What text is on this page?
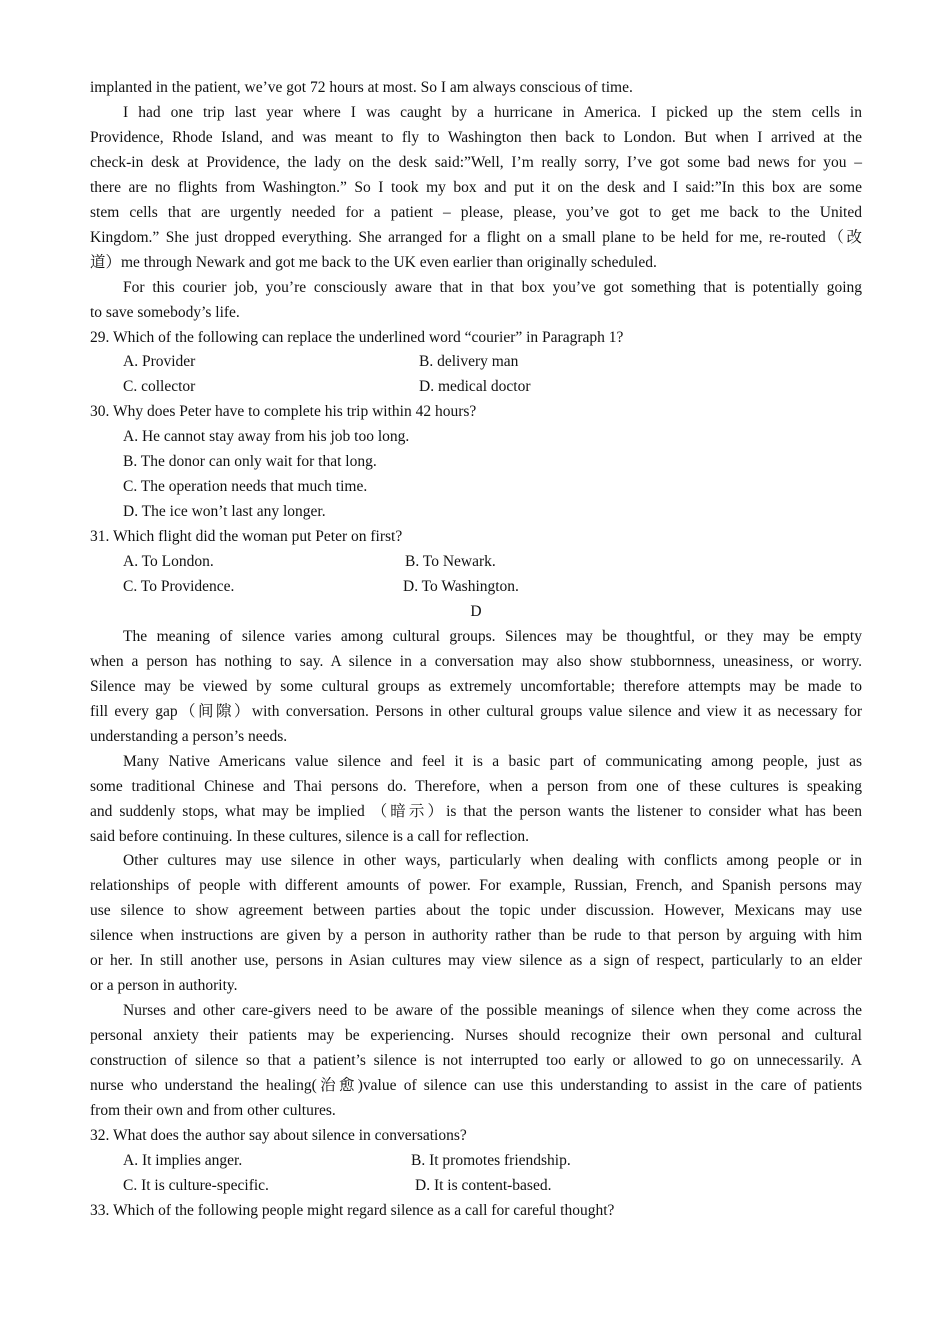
implanted in the patient, we’ve got 72 hours at most. So I am always conscious of time.

I had one trip last year where I was caught by a hurricane in America. I picked up the stem cells in

Providence, Rhode Island, and was meant to fly to Washington then back to London. But when I arrived at the

check-in desk at Providence, the lady on the desk said:”Well, I’m really sorry, I’ve got some bad news for you –

there are no flights from Washington.” So I took my box and put it on the desk and I said:”In this box are some

stem cells that are urgently needed for a patient – please, please, you’ve got to get me back to the United

Kingdom.” She just dropped everything. She arranged for a flight on a small plane to be held for me, re-routed（改

道）me through Newark and got me back to the UK even earlier than originally scheduled.

For this courier job, you’re consciously aware that in that box you’ve got something that is potentially going

to save somebody’s life.

29. Which of the following can replace the underlined word “courier” in Paragraph 1?

A. Provider	B. delivery man
C. collector	D. medical doctor

30. Why does Peter have to complete his trip within 42 hours?

A. He cannot stay away from his job too long.

B. The donor can only wait for that long.

C. The operation needs that much time.

D. The ice won’t last any longer.

31. Which flight did the woman put Peter on first?

A. To London.	B. To Newark.
C. To Providence.	D. To Washington.

D

The meaning of silence varies among cultural groups. Silences may be thoughtful, or they may be empty

when a person has nothing to say. A silence in a conversation may also show stubbornness, uneasiness, or worry.

Silence may be viewed by some cultural groups as extremely uncomfortable; therefore attempts may be made to

fill every gap（间隙）with conversation. Persons in other cultural groups value silence and view it as necessary for

understanding a person’s needs.

Many Native Americans value silence and feel it is a basic part of communicating among people, just as

some traditional Chinese and Thai persons do. Therefore, when a person from one of these cultures is speaking

and suddenly stops, what may be implied （暗示）is that the person wants the listener to consider what has been

said before continuing. In these cultures, silence is a call for reflection.

Other cultures may use silence in other ways, particularly when dealing with conflicts among people or in

relationships of people with different amounts of power. For example, Russian, French, and Spanish persons may

use silence to show agreement between parties about the topic under discussion. However, Mexicans may use

silence when instructions are given by a person in authority rather than be rude to that person by arguing with him

or her. In still another use, persons in Asian cultures may view silence as a sign of respect, particularly to an elder

or a person in authority.

Nurses and other care-givers need to be aware of the possible meanings of silence when they come across the

personal anxiety their patients may be experiencing. Nurses should recognize their own personal and cultural

construction of silence so that a patient’s silence is not interrupted too early or allowed to go on unnecessarily. A

nurse who understand the healing(治愈)value of silence can use this understanding to assist in the care of patients

from their own and from other cultures.

32. What does the author say about silence in conversations?

A. It implies anger.	B. It promotes friendship.
C. It is culture-specific.	D. It is content-based.

33. Which of the following people might regard silence as a call for careful thought?
